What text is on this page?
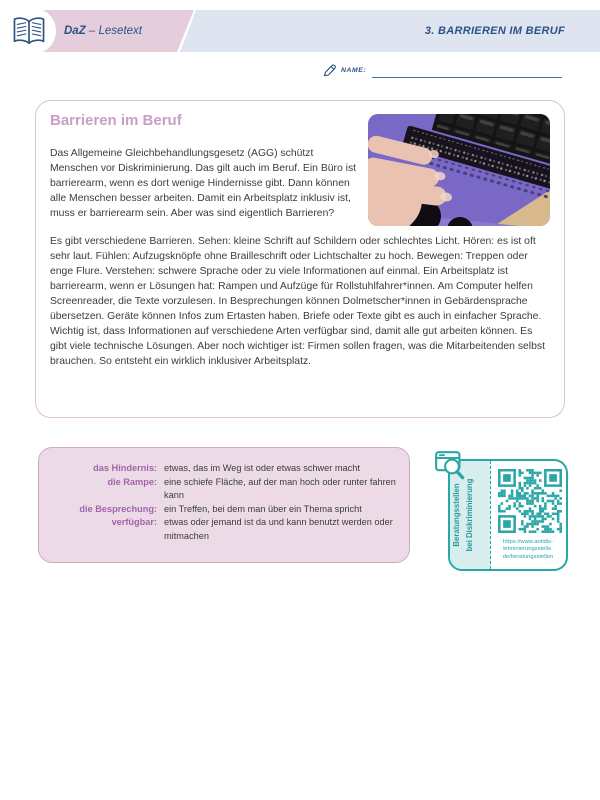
DaZ – Lesetext	3. BARRIEREN IM BERUF
NAME:
Barrieren im Beruf

Das Allgemeine Gleichbehandlungsgesetz (AGG) schützt Menschen vor Diskriminierung. Das gilt auch im Beruf. Ein Büro ist barrierearm, wenn es dort wenige Hindernisse gibt. Dann können alle Menschen besser arbeiten. Damit ein Arbeitsplatz inklusiv ist, muss er barrierearm sein. Aber was sind eigentlich Barrieren?

Es gibt verschiedene Barrieren. Sehen: kleine Schrift auf Schildern oder schlechtes Licht. Hören: es ist oft sehr laut. Fühlen: Aufzugsknöpfe ohne Brailleschrift oder Lichtschalter zu hoch. Bewegen: Treppen oder enge Flure. Verstehen: schwere Sprache oder zu viele Informationen auf einmal. Ein Arbeitsplatz ist barrierearm, wenn er Lösungen hat: Rampen und Aufzüge für Rollstuhlfahrer*innen. Am Computer helfen Screenreader, die Texte vorzulesen. In Besprechungen können Dolmetscher*innen in Gebärdensprache übersetzen. Geräte können Infos zum Ertasten haben. Briefe oder Texte gibt es auch in einfacher Sprache. Wichtig ist, dass Informationen auf verschiedene Arten verfügbar sind, damit alle gut arbeiten können. Es gibt viele technische Lösungen. Aber noch wichtiger ist: Firmen sollen fragen, was die Mitarbeitenden selbst brauchen. So entsteht ein wirklich inklusiver Arbeitsplatz.

das Hindernis: etwas, das im Weg ist oder etwas schwer macht
die Rampe: eine schiefe Fläche, auf der man hoch oder runter fahren kann
die Besprechung: ein Treffen, bei dem man über ein Thema spricht
verfügbar: etwas oder jemand ist da und kann benutzt werden oder mitmachen	Beratungsstellen bei Diskriminierung	https://www.antidis-
kriminierungsstelle.
de/beratungsstellen
